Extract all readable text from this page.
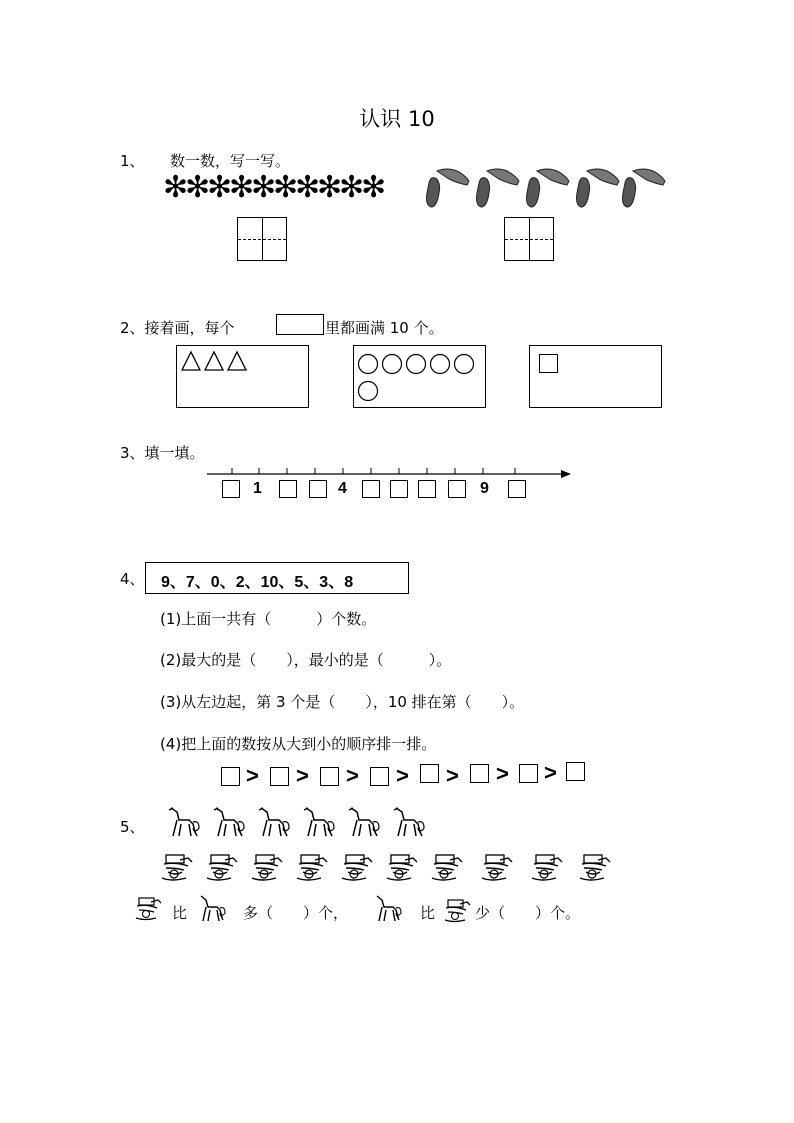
认识 10
1、 数一数，写一写。
✻
✻
✻
✻
✻
✻
✻
✻
✻
✻
2、接着画，每个	里都画满 10 个。
3、填一填。
1	4	9
4、 9、7、0、2、10、5、3、8
(1)上面一共有（　　　）个数。
(2)最大的是（　　），最小的是（　　　）。
(3)从左边起，第 3 个是（　　），10 排在第（　　）。
(4)把上面的数按从大到小的顺序排一排。
> > > > > > >
5、
比	多（　　）个，	比	少（　　）个。
